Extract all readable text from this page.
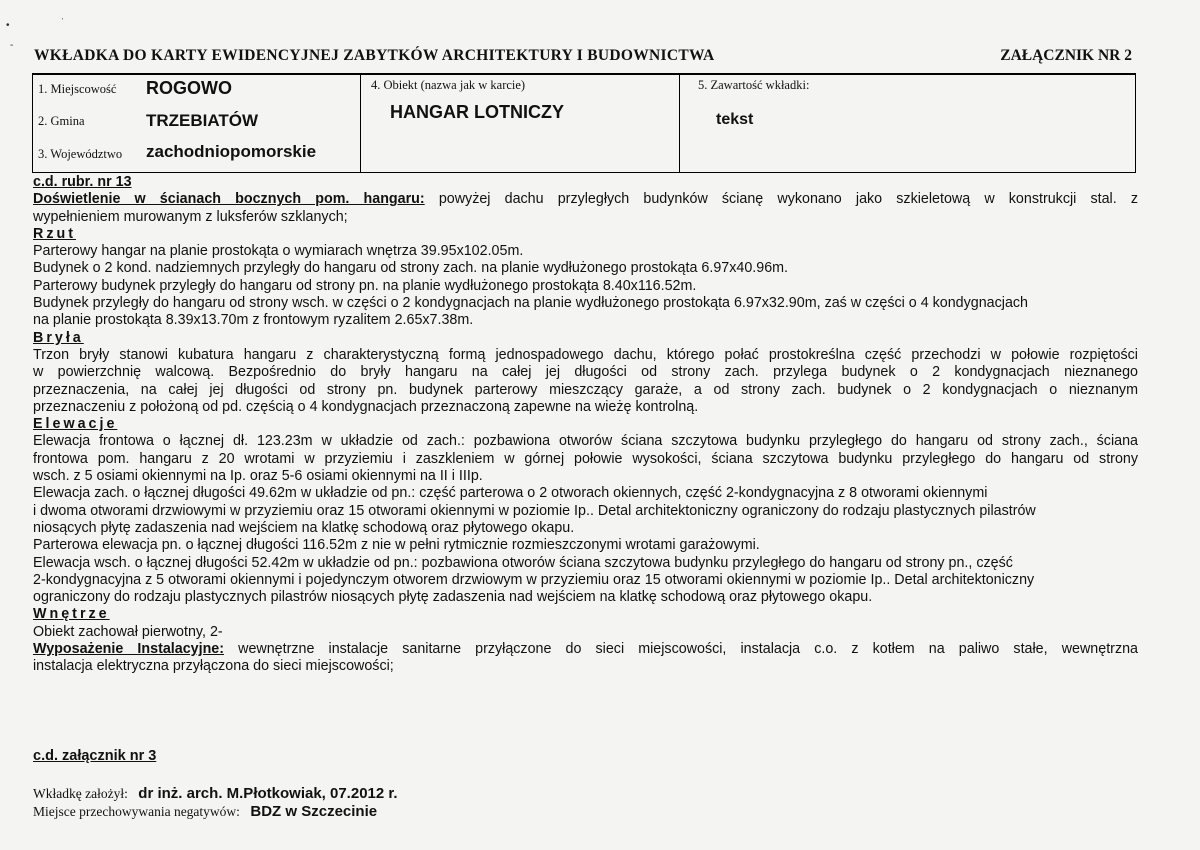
•	'
-
WKŁADKA DO KARTY EWIDENCYJNEJ ZABYTKÓW ARCHITEKTURY I BUDOWNICTWA	ZAŁĄCZNIK NR 2
1. Miejscowość ROGOWO
2. Gmina	TRZEBIATÓW
3. Województwo zachodniopomorskie
4. Obiekt (nazwa jak w karcie)
HANGAR LOTNICZY
5. Zawartość wkładki:
tekst
c.d. rubr. nr 13
Doświetlenie w ścianach bocznych pom. hangaru: powyżej dachu przyległych budynków ścianę wykonano jako szkieletową w konstrukcji stal. z
wypełnieniem murowanym z luksferów szklanych;
Rzut
Parterowy hangar na planie prostokąta o wymiarach wnętrza 39.95x102.05m.
Budynek o 2 kond. nadziemnych przyległy do hangaru od strony zach. na planie wydłużonego prostokąta 6.97x40.96m.
Parterowy budynek przyległy do hangaru od strony pn. na planie wydłużonego prostokąta 8.40x116.52m.
Budynek przyległy do hangaru od strony wsch. w części o 2 kondygnacjach na planie wydłużonego prostokąta 6.97x32.90m, zaś w części o 4 kondygnacjach
na planie prostokąta 8.39x13.70m z frontowym ryzalitem 2.65x7.38m.
Bryła
Trzon bryły stanowi kubatura hangaru z charakterystyczną formą jednospadowego dachu, którego połać prostokreślna część przechodzi w połowie rozpiętości
w powierzchnię walcową. Bezpośrednio do bryły hangaru na całej jej długości od strony zach. przylega budynek o 2 kondygnacjach nieznanego
przeznaczenia, na całej jej długości od strony pn. budynek parterowy mieszczący garaże, a od strony zach. budynek o 2 kondygnacjach o nieznanym
przeznaczeniu z położoną od pd. częścią o 4 kondygnacjach przeznaczoną zapewne na wieżę kontrolną.
Elewacje
Elewacja frontowa o łącznej dł. 123.23m w układzie od zach.: pozbawiona otworów ściana szczytowa budynku przyległego do hangaru od strony zach., ściana
frontowa pom. hangaru z 20 wrotami w przyziemiu i zaszkleniem w górnej połowie wysokości, ściana szczytowa budynku przyległego do hangaru od strony
wsch. z 5 osiami okiennymi na Ip. oraz 5-6 osiami okiennymi na II i IIIp.
Elewacja zach. o łącznej długości 49.62m w układzie od pn.: część parterowa o 2 otworach okiennych, część 2-kondygnacyjna z 8 otworami okiennymi
i dwoma otworami drzwiowymi w przyziemiu oraz 15 otworami okiennymi w poziomie Ip.. Detal architektoniczny ograniczony do rodzaju plastycznych pilastrów
niosących płytę zadaszenia nad wejściem na klatkę schodową oraz płytowego okapu.
Parterowa elewacja pn. o łącznej długości 116.52m z nie w pełni rytmicznie rozmieszczonymi wrotami garażowymi.
Elewacja wsch. o łącznej długości 52.42m w układzie od pn.: pozbawiona otworów ściana szczytowa budynku przyległego do hangaru od strony pn., część
2-kondygnacyjna z 5 otworami okiennymi i pojedynczym otworem drzwiowym w przyziemiu oraz 15 otworami okiennymi w poziomie Ip.. Detal architektoniczny
ograniczony do rodzaju plastycznych pilastrów niosących płytę zadaszenia nad wejściem na klatkę schodową oraz płytowego okapu.
Wnętrze
Obiekt zachował pierwotny, 2-
Wyposażenie Instalacyjne: wewnętrzne instalacje sanitarne przyłączone do sieci miejscowości, instalacja c.o. z kotłem na paliwo stałe, wewnętrzna
instalacja elektryczna przyłączona do sieci miejscowości;
c.d. załącznik nr 3
Wkładkę założył: dr inż. arch. M.Płotkowiak, 07.2012 r.
Miejsce przechowywania negatywów: BDZ w Szczecinie
